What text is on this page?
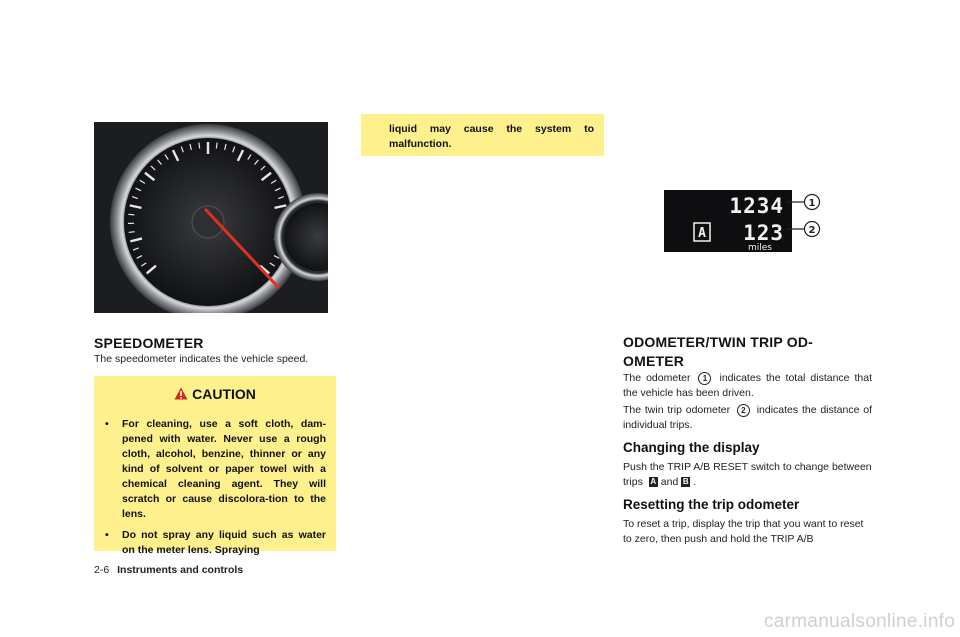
SPEEDOMETER
The speedometer indicates the vehicle speed.
CAUTION
• For cleaning, use a soft cloth, dam-pened with water. Never use a rough cloth, alcohol, benzine, thinner or any kind of solvent or paper towel with a chemical cleaning agent. They will scratch or cause discolora-tion to the lens.
• Do not spray any liquid such as water on the meter lens. Spraying
liquid may cause the system to malfunction.
1234
A 123
miles
1
2
ODOMETER/TWIN TRIP OD-
OMETER
The odometer 1 indicates the total distance that the vehicle has been driven.
The twin trip odometer 2 indicates the distance of individual trips.
Changing the display
Push the TRIP A/B RESET switch to change between trips A and B .
Resetting the trip odometer
To reset a trip, display the trip that you want to reset to zero, then push and hold the TRIP A/B
2-6 Instruments and controls
carmanualsonline.info
